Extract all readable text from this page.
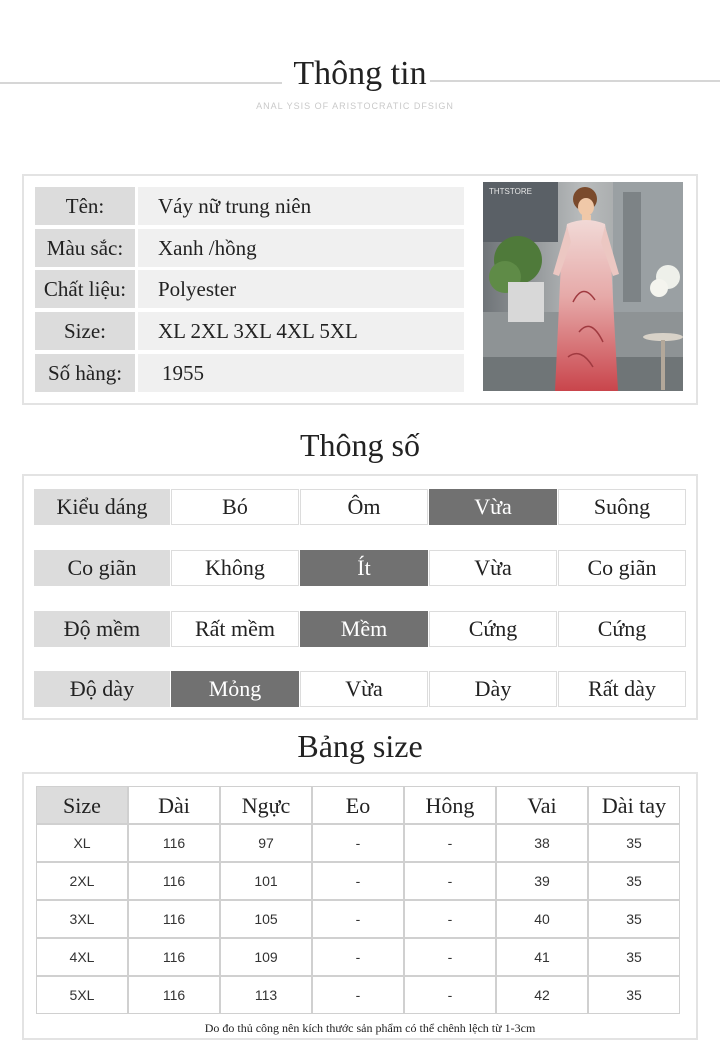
Thông tin
ANAL YSIS OF ARISTOCRATIC DFSIGN
Tên:	Váy nữ trung niên
Màu sắc:	Xanh /hồng
Chất liệu:	Polyester
Size:	XL 2XL 3XL 4XL 5XL
Số hàng:	1955
THTSTORE
Thông số
Kiểu dáng	Bó	Ôm	Vừa	Suông
Co giãn	Không	Ít	Vừa	Co giãn
Độ mềm	Rất mềm	Mềm	Cứng	Cứng
Độ dày	Mỏng	Vừa	Dày	Rất dày
Bảng size
Size	Dài	Ngực	Eo	Hông	Vai	Dài tay
XL	116	97	-	-	38	35
2XL	116	101	-	-	39	35
3XL	116	105	-	-	40	35
4XL	116	109	-	-	41	35
5XL	116	113	-	-	42	35
Do đo thủ công nên kích thước sản phẩm có thể chênh lệch từ 1-3cm
